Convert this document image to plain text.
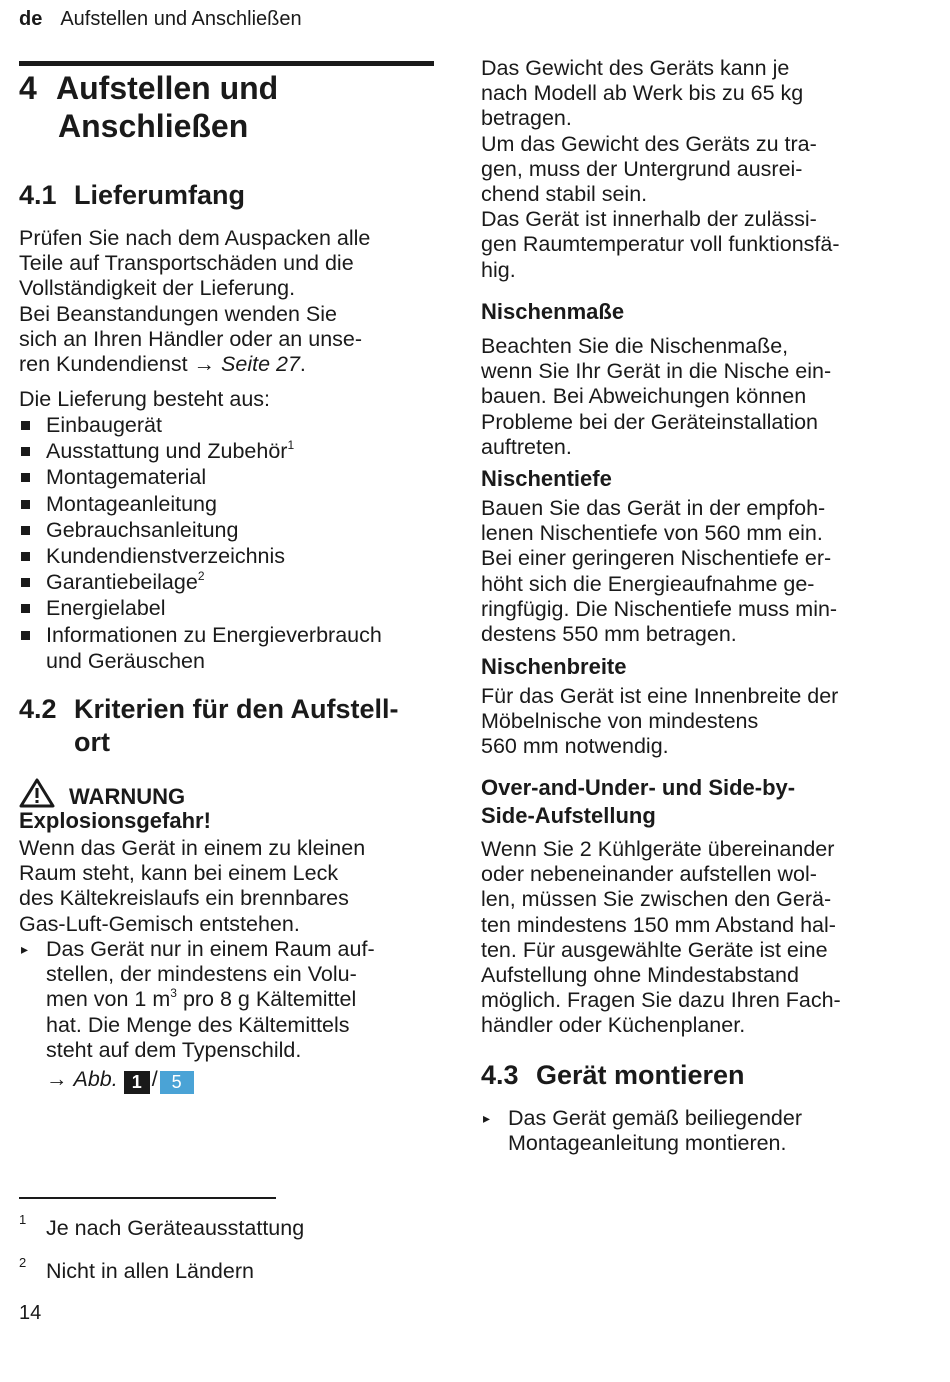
de Aufstellen und Anschließen
4 Aufstellen und
Anschließen
4.1 Lieferumfang
Prüfen Sie nach dem Auspacken alle
Teile auf Transportschäden und die
Vollständigkeit der Lieferung.
Bei Beanstandungen wenden Sie
sich an Ihren Händler oder an unse-
ren Kundendienst → Seite 27.
Die Lieferung besteht aus:
Einbaugerät
Ausstattung und Zubehör$^1$
Montagematerial
Montageanleitung
Gebrauchsanleitung
Kundendienstverzeichnis
Garantiebeilage$^2$
Energielabel
Informationen zu Energieverbrauch
und Geräuschen
4.2 Kriterien für den Aufstell-
ort
WARNUNG
Explosionsgefahr!
Wenn das Gerät in einem zu kleinen
Raum steht, kann bei einem Leck
des Kältekreislaufs ein brennbares
Gas-Luft-Gemisch entstehen.
▸ Das Gerät nur in einem Raum auf-
stellen, der mindestens ein Volu-
men von 1 $m^3$ pro 8 g Kältemittel
hat. Die Menge des Kältemittels
steht auf dem Typenschild.
→ Abb. 1 / 5
Das Gewicht des Geräts kann je
nach Modell ab Werk bis zu 65 kg
betragen.
Um das Gewicht des Geräts zu tra-
gen, muss der Untergrund ausrei-
chend stabil sein.
Das Gerät ist innerhalb der zulässi-
gen Raumtemperatur voll funktionsfä-
hig.
Nischenmaße
Beachten Sie die Nischenmaße,
wenn Sie Ihr Gerät in die Nische ein-
bauen. Bei Abweichungen können
Probleme bei der Geräteinstallation
auftreten.
Nischentiefe
Bauen Sie das Gerät in der empfoh-
lenen Nischentiefe von 560 mm ein.
Bei einer geringeren Nischentiefe er-
höht sich die Energieaufnahme ge-
ringfügig. Die Nischentiefe muss min-
destens 550 mm betragen.
Nischenbreite
Für das Gerät ist eine Innenbreite der
Möbelnische von mindestens
560 mm notwendig.
Over-and-Under- und Side-by-
Side-Aufstellung
Wenn Sie 2 Kühlgeräte übereinander
oder nebeneinander aufstellen wol-
len, müssen Sie zwischen den Gerä-
ten mindestens 150 mm Abstand hal-
ten. Für ausgewählte Geräte ist eine
Aufstellung ohne Mindestabstand
möglich. Fragen Sie dazu Ihren Fach-
händler oder Küchenplaner.
4.3 Gerät montieren
▸ Das Gerät gemäß beiliegender
Montageanleitung montieren.
1 Je nach Geräteausstattung
2 Nicht in allen Ländern
14
